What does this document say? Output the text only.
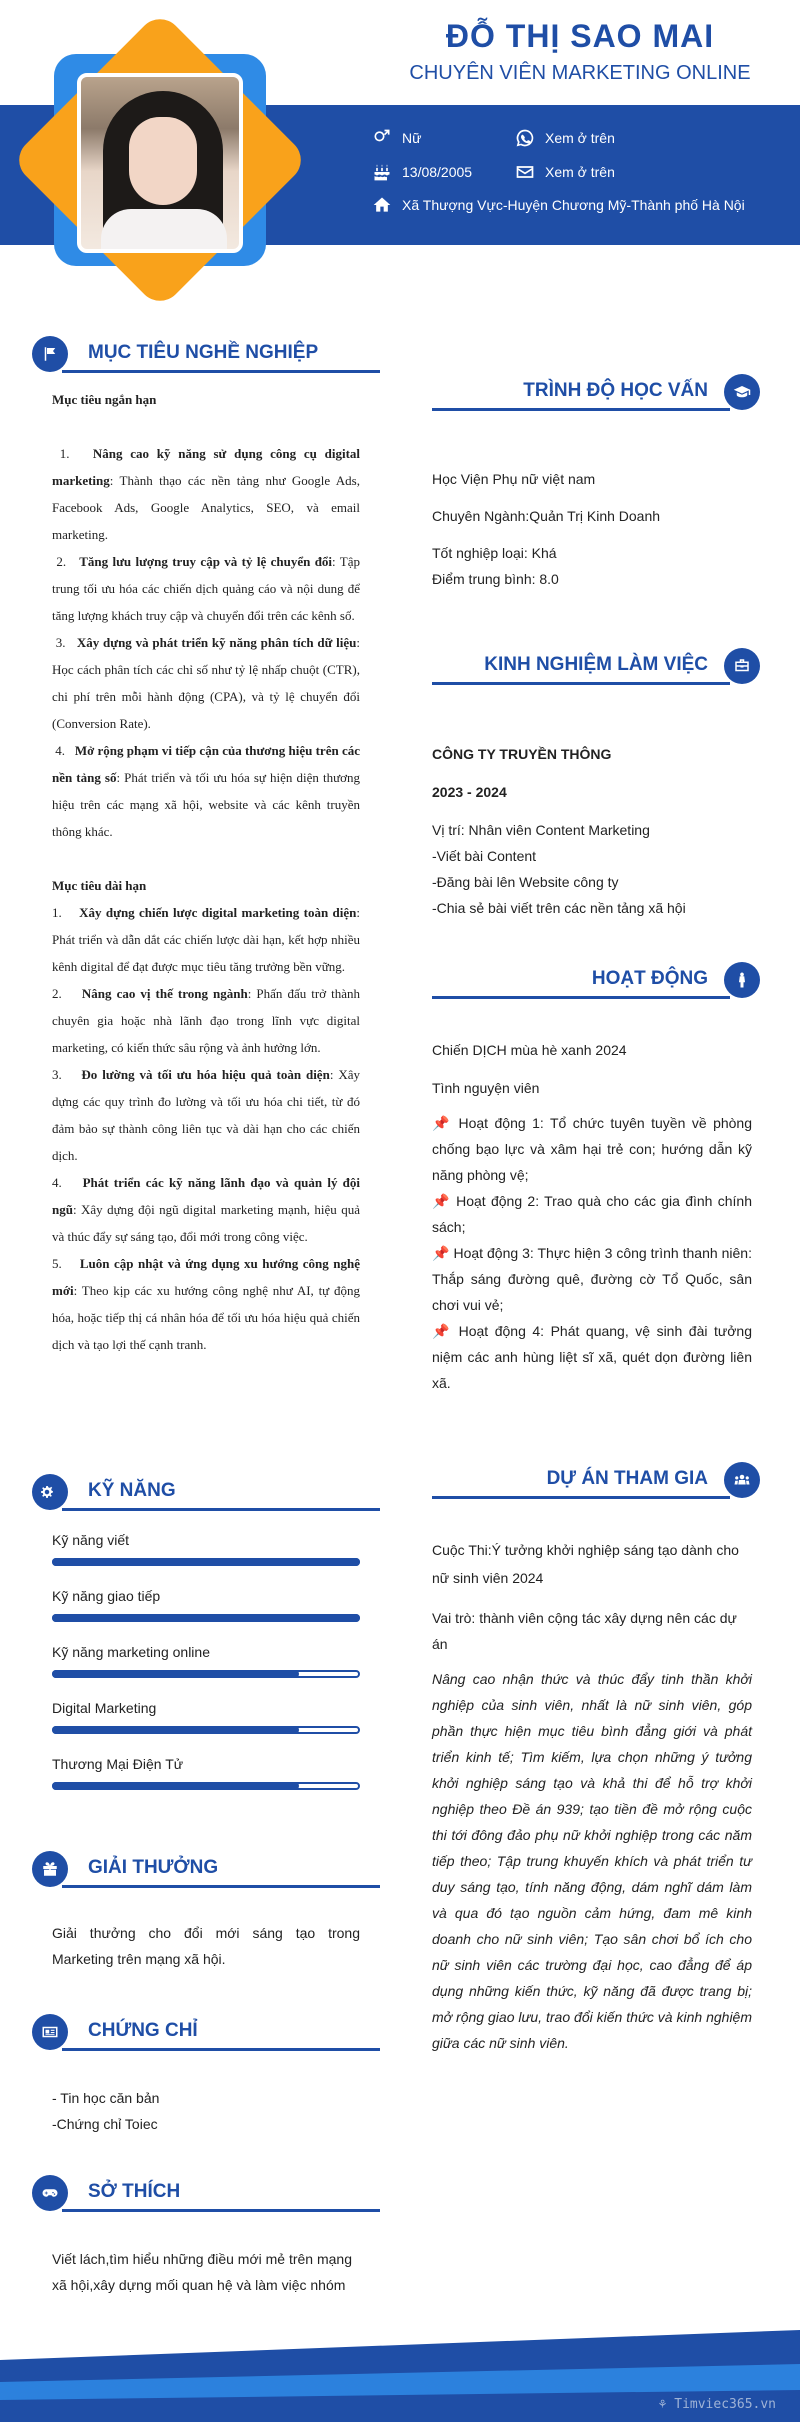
ĐỖ THỊ SAO MAI
CHUYÊN VIÊN MARKETING ONLINE
Nữ	Xem ở trên
13/08/2005	Xem ở trên
Xã Thượng Vực-Huyện Chương Mỹ-Thành phố Hà Nội
MỤC TIÊU NGHỀ NGHIỆP

Mục tiêu ngắn hạn

1. Nâng cao kỹ năng sử dụng công cụ digital marketing: Thành thạo các nền tảng như Google Ads, Facebook Ads, Google Analytics, SEO, và email marketing.

2. Tăng lưu lượng truy cập và tỷ lệ chuyển đổi: Tập trung tối ưu hóa các chiến dịch quảng cáo và nội dung để tăng lượng khách truy cập và chuyển đổi trên các kênh số.

3. Xây dựng và phát triển kỹ năng phân tích dữ liệu: Học cách phân tích các chỉ số như tỷ lệ nhấp chuột (CTR), chi phí trên mỗi hành động (CPA), và tỷ lệ chuyển đổi (Conversion Rate).

4. Mở rộng phạm vi tiếp cận của thương hiệu trên các nền tảng số: Phát triển và tối ưu hóa sự hiện diện thương hiệu trên các mạng xã hội, website và các kênh truyền thông khác.

Mục tiêu dài hạn

1. Xây dựng chiến lược digital marketing toàn diện: Phát triển và dẫn dắt các chiến lược dài hạn, kết hợp nhiều kênh digital để đạt được mục tiêu tăng trưởng bền vững.

2. Nâng cao vị thế trong ngành: Phấn đấu trở thành chuyên gia hoặc nhà lãnh đạo trong lĩnh vực digital marketing, có kiến thức sâu rộng và ảnh hưởng lớn.

3. Đo lường và tối ưu hóa hiệu quả toàn diện: Xây dựng các quy trình đo lường và tối ưu hóa chi tiết, từ đó đảm bảo sự thành công liên tục và dài hạn cho các chiến dịch.

4. Phát triển các kỹ năng lãnh đạo và quản lý đội ngũ: Xây dựng đội ngũ digital marketing mạnh, hiệu quả và thúc đẩy sự sáng tạo, đổi mới trong công việc.

5. Luôn cập nhật và ứng dụng xu hướng công nghệ mới: Theo kịp các xu hướng công nghệ như AI, tự động hóa, hoặc tiếp thị cá nhân hóa để tối ưu hóa hiệu quả chiến dịch và tạo lợi thế cạnh tranh.

KỸ NĂNG
Kỹ năng viết
Kỹ năng giao tiếp
Kỹ năng marketing online
Digital Marketing
Thương Mại Điện Tử
GIẢI THƯỞNG
Giải thưởng cho đổi mới sáng tạo trong Marketing trên mạng xã hội.
CHỨNG CHỈ

- Tin học căn bản

-Chứng chỉ Toiec

SỞ THÍCH
Viết lách,tìm hiểu những điều mới mẻ trên mạng xã hội,xây dựng mối quan hệ và làm việc nhóm
TRÌNH ĐỘ HỌC VẤN
Học Viện Phụ nữ việt nam
Chuyên Ngành:Quản Trị Kinh Doanh
Tốt nghiệp loại: Khá
Điểm trung bình: 8.0
KINH NGHIỆM LÀM VIỆC
CÔNG TY TRUYỀN THÔNG
2023 - 2024
Vị trí: Nhân viên Content Marketing
-Viết bài Content
-Đăng bài lên Website công ty
-Chia sẻ bài viết trên các nền tảng xã hội
HOẠT ĐỘNG
Chiến DỊCH mùa hè xanh 2024
Tình nguyện viên

📌 Hoạt động 1: Tổ chức tuyên tuyền về phòng chống bạo lực và xâm hại trẻ con; hướng dẫn kỹ năng phòng vệ;

📌 Hoạt động 2: Trao quà cho các gia đình chính sách;

📌 Hoạt động 3: Thực hiện 3 công trình thanh niên: Thắp sáng đường quê, đường cờ Tổ Quốc, sân chơi vui vẻ;

📌 Hoạt động 4: Phát quang, vệ sinh đài tưởng niệm các anh hùng liệt sĩ xã, quét dọn đường liên xã.

DỰ ÁN THAM GIA
Cuộc Thi:Ý tưởng khởi nghiệp sáng tạo dành cho nữ sinh viên 2024
Vai trò: thành viên cộng tác xây dựng nên các dự án
Nâng cao nhận thức và thúc đẩy tinh thần khởi nghiệp của sinh viên, nhất là nữ sinh viên, góp phần thực hiện mục tiêu bình đẳng giới và phát triển kinh tế; Tìm kiếm, lựa chọn những ý tưởng khởi nghiệp sáng tạo và khả thi để hỗ trợ khởi nghiệp theo Đề án 939; tạo tiền đề mở rộng cuộc thi tới đông đảo phụ nữ khởi nghiệp trong các năm tiếp theo; Tập trung khuyến khích và phát triển tư duy sáng tạo, tính năng động, dám nghĩ dám làm và qua đó tạo nguồn cảm hứng, đam mê kinh doanh cho nữ sinh viên; Tạo sân chơi bổ ích cho nữ sinh viên các trường đại học, cao đẳng để áp dụng những kiến thức, kỹ năng đã được trang bị; mở rộng giao lưu, trao đổi kiến thức và kinh nghiệm giữa các nữ sinh viên.
⚘ Timviec365.vn
